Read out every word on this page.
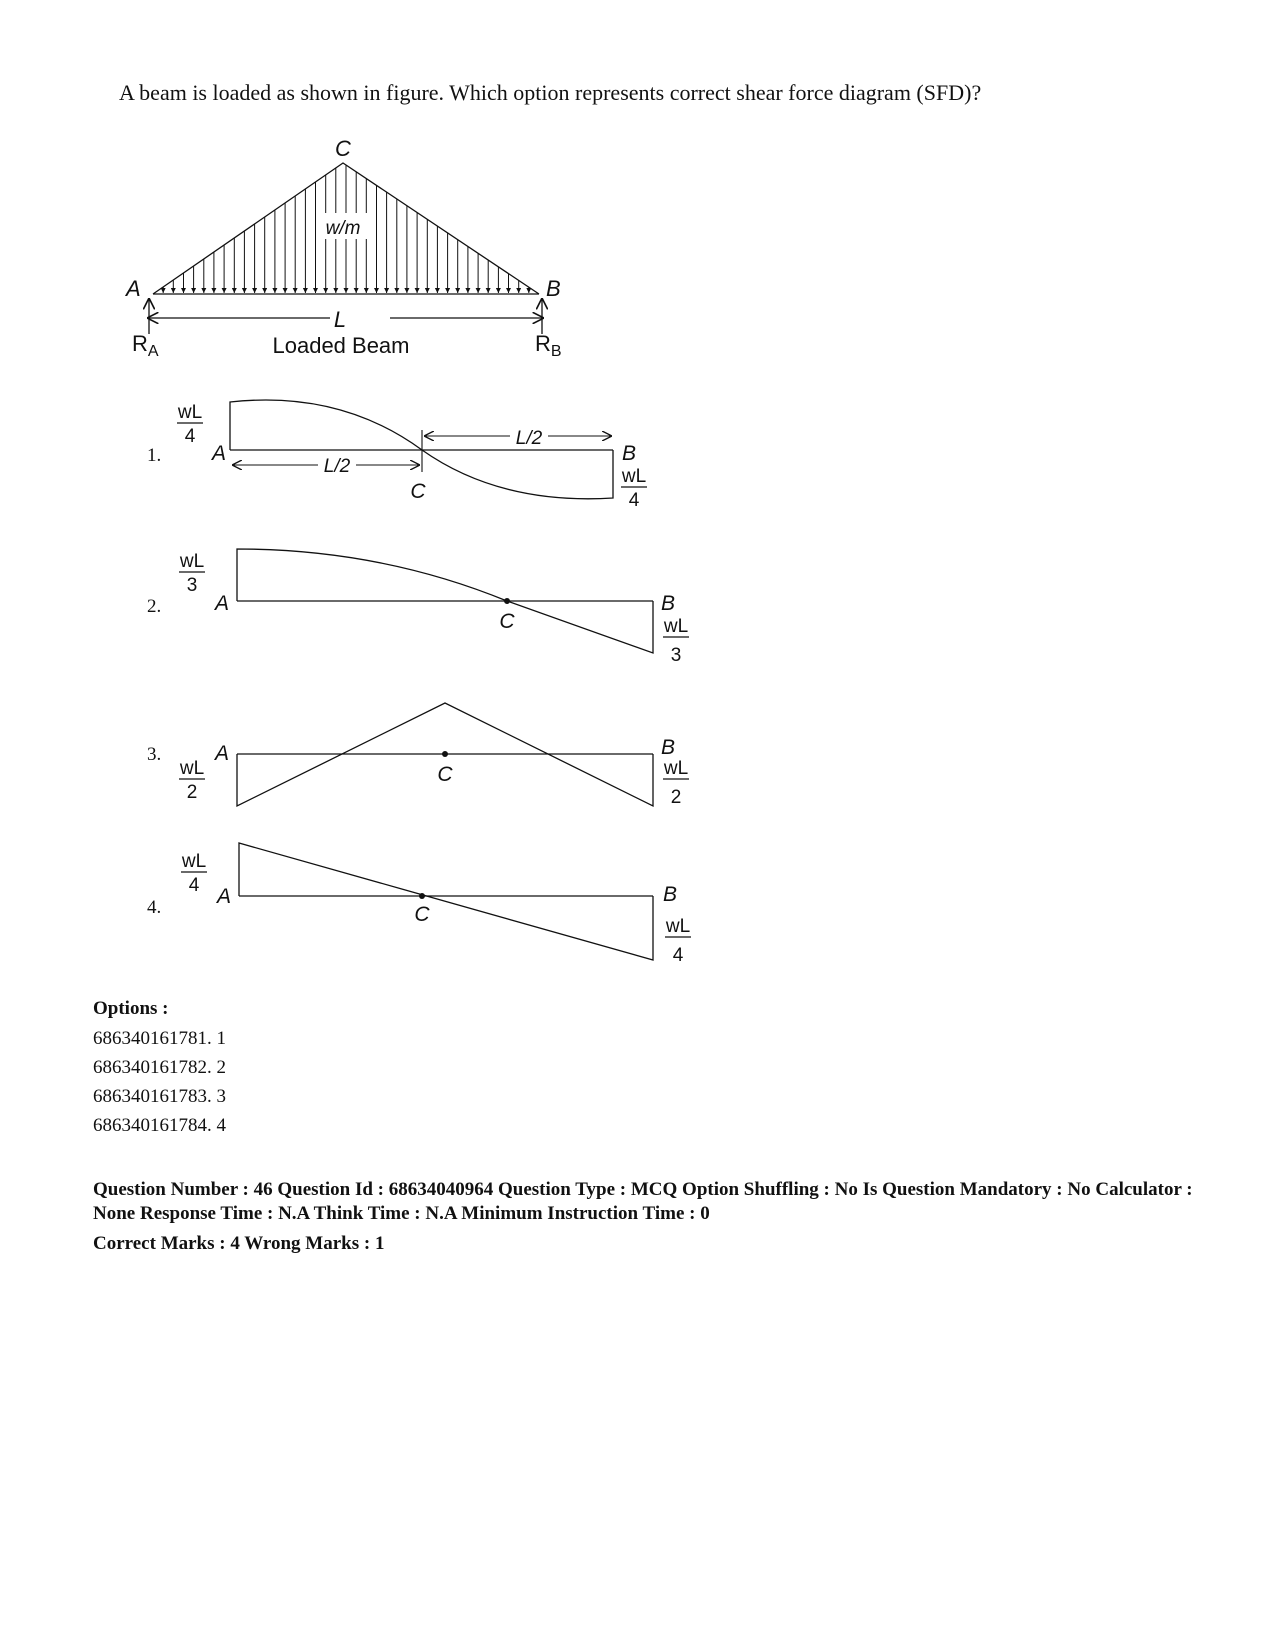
A beam is loaded as shown in figure. Which option represents correct shear force diagram (SFD)?
w/m
C
A	B
L
$R_A$	$R_B$
Loaded Beam
1.
wL
4
A
L/2
L/2
C
B
wL
4
2.
wL
3
A
C
B
wL
3
3.	A
wL
2
C
B
wL
2
4.
wL
4 A
C
B
wL
4
Options :
686340161781. 1
686340161782. 2
686340161783. 3
686340161784. 4
Question Number : 46 Question Id : 68634040964 Question Type : MCQ Option Shuffling : No Is Question Mandatory : No Calculator : None Response Time : N.A Think Time : N.A Minimum Instruction Time : 0
Correct Marks : 4 Wrong Marks : 1
